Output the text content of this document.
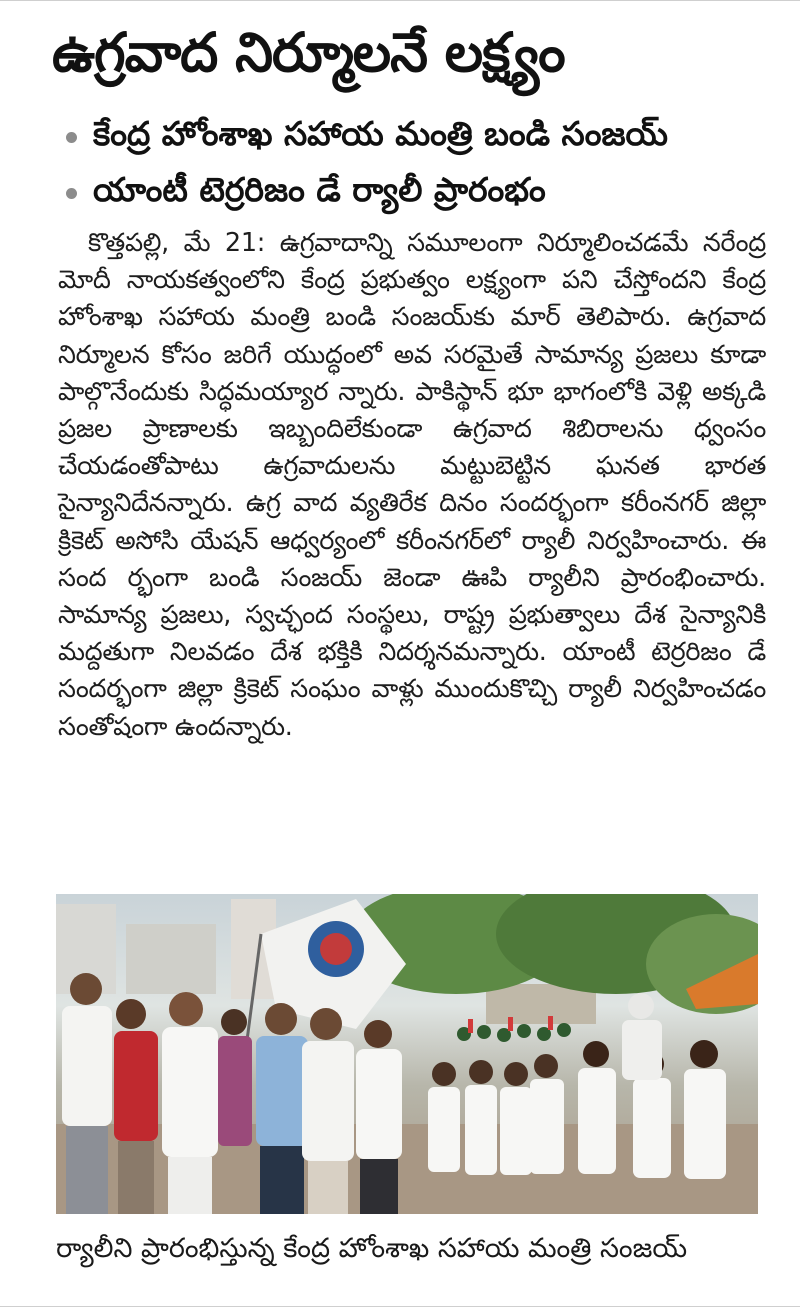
ఉగ్రవాద నిర్మూలనే లక్ష్యం
కేంద్ర హోంశాఖ సహాయ మంత్రి బండి సంజయ్
యాంటీ టెర్రరిజం డే ర్యాలీ ప్రారంభం
కొత్తపల్లి, మే 21: ఉగ్రవాదాన్ని సమూలంగా నిర్మూలించడమే నరేంద్ర మోదీ నాయకత్వంలోని కేంద్ర ప్రభుత్వం లక్ష్యంగా పని చేస్తోందని కేంద్ర హోంశాఖ సహాయ మంత్రి బండి సంజయ్‌కు మార్ తెలిపారు. ఉగ్రవాద నిర్మూలన కోసం జరిగే యుద్ధంలో అవ సరమైతే సామాన్య ప్రజలు కూడా పాల్గొనేందుకు సిద్ధమయ్యార న్నారు. పాకిస్థాన్ భూ భాగంలోకి వెళ్లి అక్కడి ప్రజల ప్రాణాలకు ఇబ్బందిలేకుండా ఉగ్రవాద శిబిరాలను ధ్వంసం చేయడంతోపాటు ఉగ్రవాదులను మట్టుబెట్టిన ఘనత భారత సైన్యానిదేనన్నారు. ఉగ్ర వాద వ్యతిరేక దినం సందర్భంగా కరీంనగర్ జిల్లా క్రికెట్ అసోసి యేషన్ ఆధ్వర్యంలో కరీంనగర్‌లో ర్యాలీ నిర్వహించారు. ఈ సంద ర్భంగా బండి సంజయ్ జెండా ఊపి ర్యాలీని ప్రారంభించారు. సామాన్య ప్రజలు, స్వచ్ఛంద సంస్థలు, రాష్ట్ర ప్రభుత్వాలు దేశ సైన్యానికి మద్దతుగా నిలవడం దేశ భక్తికి నిదర్శనమన్నారు. యాంటీ టెర్రరిజం డే సందర్భంగా జిల్లా క్రికెట్ సంఘం వాళ్లు ముందుకొచ్చి ర్యాలీ నిర్వహించడం సంతోషంగా ఉందన్నారు.
ర్యాలీని ప్రారంభిస్తున్న కేంద్ర హోంశాఖ సహాయ మంత్రి సంజయ్
